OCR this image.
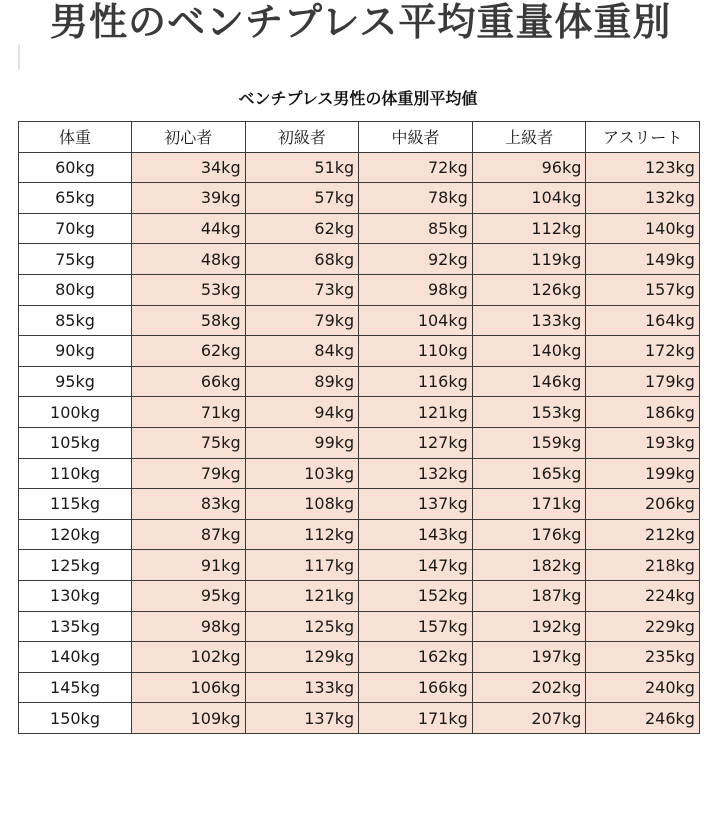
男性のベンチプレス平均重量体重別
ベンチプレス男性の体重別平均値
体重	初心者	初級者	中級者	上級者	アスリート
60kg	34kg	51kg	72kg	96kg	123kg
65kg	39kg	57kg	78kg	104kg	132kg
70kg	44kg	62kg	85kg	112kg	140kg
75kg	48kg	68kg	92kg	119kg	149kg
80kg	53kg	73kg	98kg	126kg	157kg
85kg	58kg	79kg	104kg	133kg	164kg
90kg	62kg	84kg	110kg	140kg	172kg
95kg	66kg	89kg	116kg	146kg	179kg
100kg	71kg	94kg	121kg	153kg	186kg
105kg	75kg	99kg	127kg	159kg	193kg
110kg	79kg	103kg	132kg	165kg	199kg
115kg	83kg	108kg	137kg	171kg	206kg
120kg	87kg	112kg	143kg	176kg	212kg
125kg	91kg	117kg	147kg	182kg	218kg
130kg	95kg	121kg	152kg	187kg	224kg
135kg	98kg	125kg	157kg	192kg	229kg
140kg	102kg	129kg	162kg	197kg	235kg
145kg	106kg	133kg	166kg	202kg	240kg
150kg	109kg	137kg	171kg	207kg	246kg
